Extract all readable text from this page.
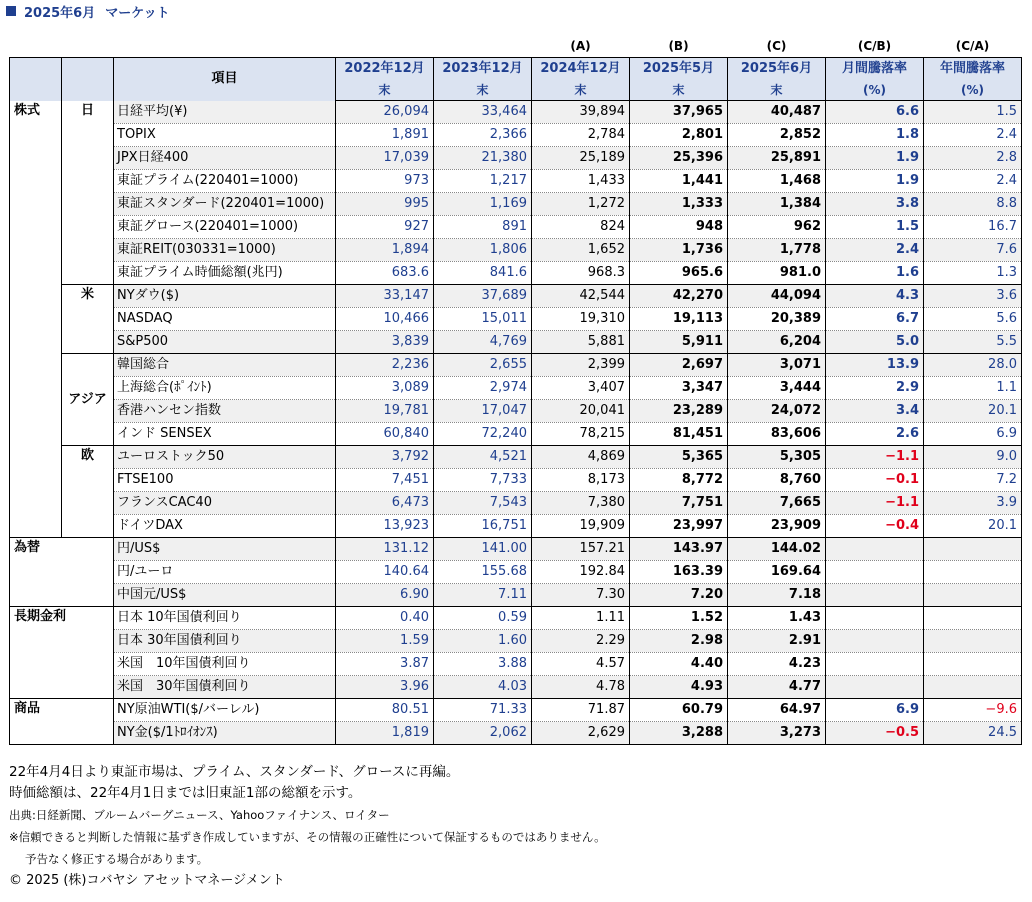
2025年6月 マーケット
					(A)	(B)	(C)	(C/B)	(C/A)
		項目	2022年12月	2023年12月	2024年12月	2025年5月	2025年6月	月間騰落率	年間騰落率
			末	末	末	末	末	(%)	(%)
株式	日	日経平均(¥)	26,094	33,464	39,894	37,965	40,487	6.6	1.5
		TOPIX	1,891	2,366	2,784	2,801	2,852	1.8	2.4
		JPX日経400	17,039	21,380	25,189	25,396	25,891	1.9	2.8
		東証プライム(220401=1000)	973	1,217	1,433	1,441	1,468	1.9	2.4
		東証スタンダード(220401=1000)	995	1,169	1,272	1,333	1,384	3.8	8.8
		東証グロース(220401=1000)	927	891	824	948	962	1.5	16.7
		東証REIT(030331=1000)	1,894	1,806	1,652	1,736	1,778	2.4	7.6
		東証プライム時価総額(兆円)	683.6	841.6	968.3	965.6	981.0	1.6	1.3
	米	NYダウ($)	33,147	37,689	42,544	42,270	44,094	4.3	3.6
		NASDAQ	10,466	15,011	19,310	19,113	20,389	6.7	5.6
		S&P500	3,839	4,769	5,881	5,911	6,204	5.0	5.5
	アジア	韓国総合	2,236	2,655	2,399	2,697	3,071	13.9	28.0
		上海総合(ﾎﾟｲﾝﾄ)	3,089	2,974	3,407	3,347	3,444	2.9	1.1
		香港ハンセン指数	19,781	17,047	20,041	23,289	24,072	3.4	20.1
		インド SENSEX	60,840	72,240	78,215	81,451	83,606	2.6	6.9
	欧	ユーロストック50	3,792	4,521	4,869	5,365	5,305	−1.1	9.0
		FTSE100	7,451	7,733	8,173	8,772	8,760	−0.1	7.2
		フランスCAC40	6,473	7,543	7,380	7,751	7,665	−1.1	3.9
		ドイツDAX	13,923	16,751	19,909	23,997	23,909	−0.4	20.1
為替		円/US$	131.12	141.00	157.21	143.97	144.02		
		円/ユーロ	140.64	155.68	192.84	163.39	169.64		
		中国元/US$	6.90	7.11	7.30	7.20	7.18		
長期金利		日本 10年国債利回り	0.40	0.59	1.11	1.52	1.43		
		日本 30年国債利回り	1.59	1.60	2.29	2.98	2.91		
		米国　10年国債利回り	3.87	3.88	4.57	4.40	4.23		
		米国　30年国債利回り	3.96	4.03	4.78	4.93	4.77		
商品		NY原油WTI($/バーレル)	80.51	71.33	71.87	60.79	64.97	6.9	−9.6
		NY金($/1ﾄﾛｲｵﾝｽ)	1,819	2,062	2,629	3,288	3,273	−0.5	24.5
22年4月4日より東証市場は、プライム、スタンダード、グロースに再編。
時価総額は、22年4月1日までは旧東証1部の総額を示す。
出典:日経新聞、ブルームバーグニュース、Yahooファイナンス、ロイター
※信頼できると判断した情報に基ずき作成していますが、その情報の正確性について保証するものではありません。
予告なく修正する場合があります。
© 2025 (株)コバヤシ アセットマネージメント
